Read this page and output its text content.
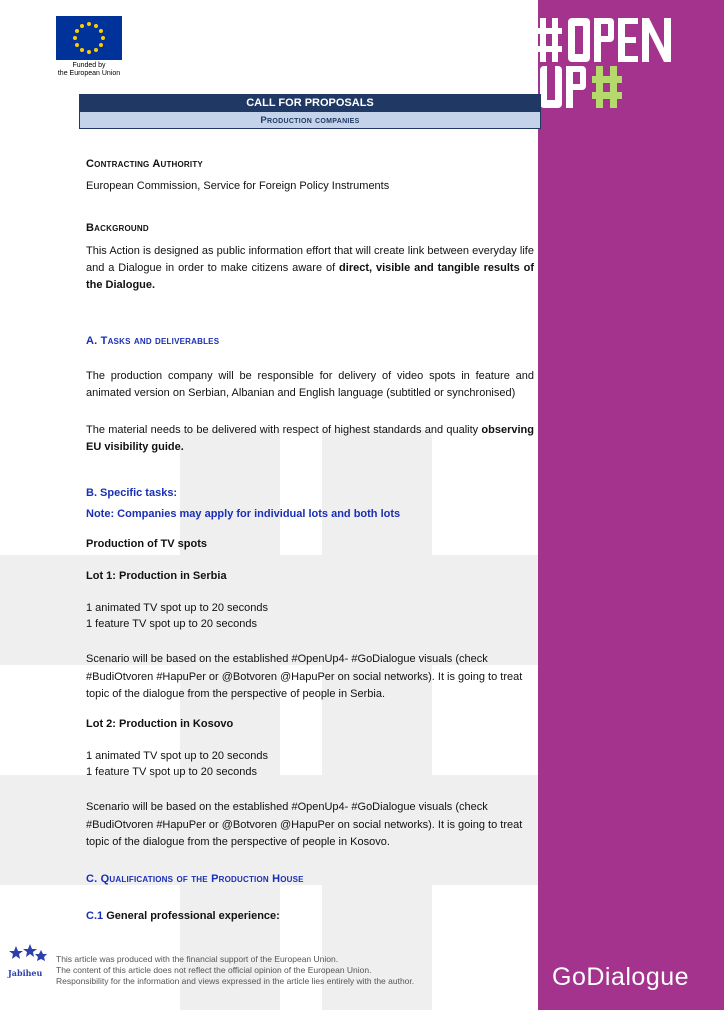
GoDialogue
Funded by
the European Union
CALL FOR PROPOSALS
Production companies
Contracting Authority
European Commission, Service for Foreign Policy Instruments
Background
This Action is designed as public information effort that will create link between everyday life and a Dialogue in order to make citizens aware of direct, visible and tangible results of the Dialogue.
A. Tasks and deliverables
The production company will be responsible for delivery of video spots in feature and animated version on Serbian, Albanian and English language (subtitled or synchronised)
The material needs to be delivered with respect of highest standards and quality observing EU visibility guide.
B. Specific tasks:
Note: Companies may apply for individual lots and both lots
Production of TV spots
Lot 1: Production in Serbia
1 animated TV spot up to 20 seconds
1 feature TV spot up to 20 seconds
Scenario will be based on the established #OpenUp4- #GoDialogue visuals (check #BudiOtvoren #HapuPer or @Botvoren @HapuPer on social networks). It is going to treat topic of the dialogue from the perspective of people in Serbia.
Lot 2: Production in Kosovo
1 animated TV spot up to 20 seconds
1 feature TV spot up to 20 seconds
Scenario will be based on the established #OpenUp4- #GoDialogue visuals (check #BudiOtvoren #HapuPer or @Botvoren @HapuPer on social networks). It is going to treat topic of the dialogue from the perspective of people in Kosovo.
C. Qualifications of the Production House
C.1 General professional experience:
Jabiheu
This article was produced with the financial support of the European Union.
The content of this article does not reflect the official opinion of the European Union.
Responsibility for the information and views expressed in the article lies entirely with the author.
